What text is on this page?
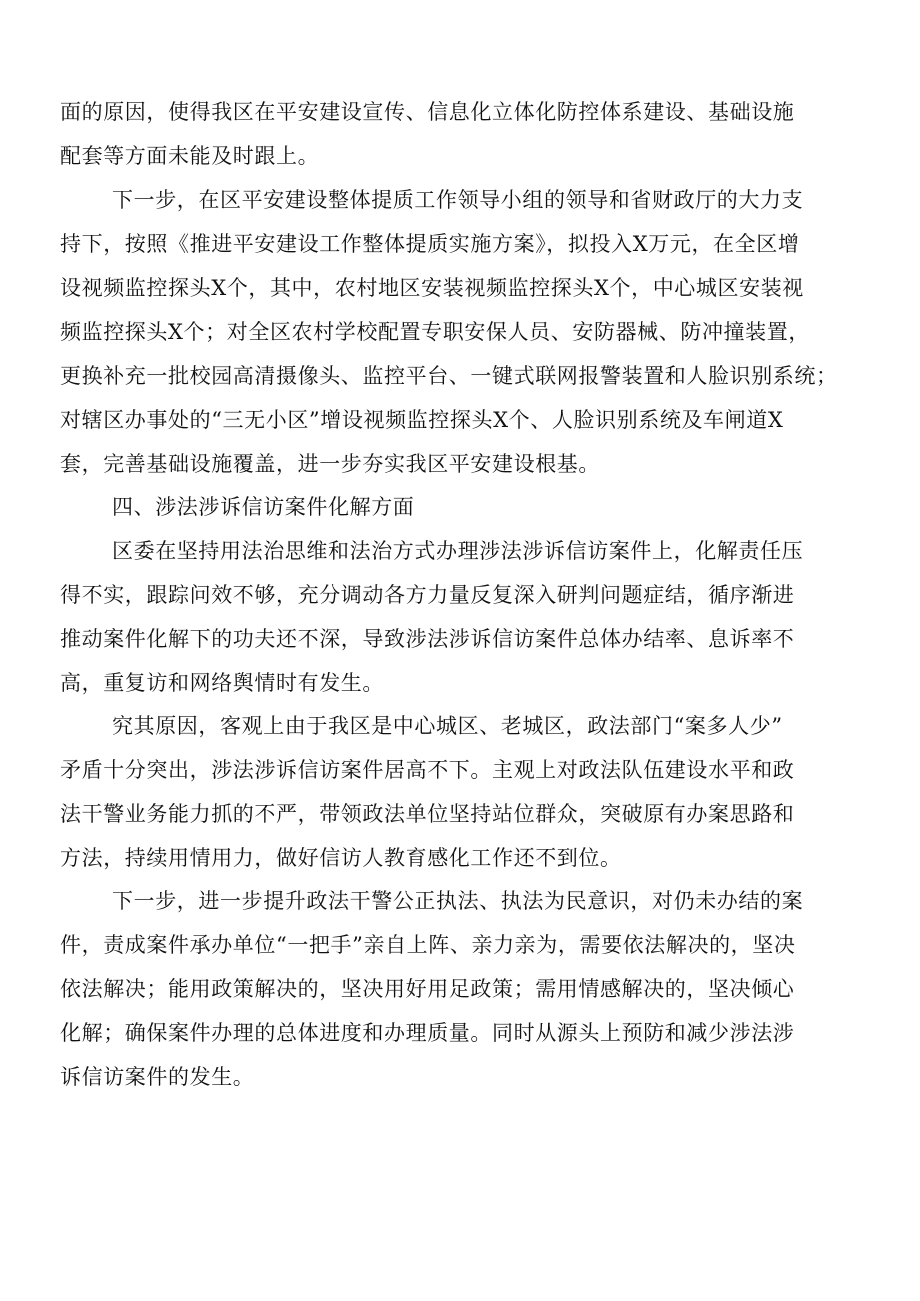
面的原因，使得我区在平安建设宣传、信息化立体化防控体系建设、基础设施
配套等方面未能及时跟上。
下一步，在区平安建设整体提质工作领导小组的领导和省财政厅的大力支
持下，按照《推进平安建设工作整体提质实施方案》，拟投入X万元，在全区增
设视频监控探头X个，其中，农村地区安装视频监控探头X个，中心城区安装视
频监控探头X个；对全区农村学校配置专职安保人员、安防器械、防冲撞装置，
更换补充一批校园高清摄像头、监控平台、一键式联网报警装置和人脸识别系统；
对辖区办事处的“三无小区”增设视频监控探头X个、人脸识别系统及车闸道X
套，完善基础设施覆盖，进一步夯实我区平安建设根基。
四、涉法涉诉信访案件化解方面
区委在坚持用法治思维和法治方式办理涉法涉诉信访案件上，化解责任压
得不实，跟踪问效不够，充分调动各方力量反复深入研判问题症结，循序渐进
推动案件化解下的功夫还不深，导致涉法涉诉信访案件总体办结率、息诉率不
高，重复访和网络舆情时有发生。
究其原因，客观上由于我区是中心城区、老城区，政法部门“案多人少”
矛盾十分突出，涉法涉诉信访案件居高不下。主观上对政法队伍建设水平和政
法干警业务能力抓的不严，带领政法单位坚持站位群众，突破原有办案思路和
方法，持续用情用力，做好信访人教育感化工作还不到位。
下一步，进一步提升政法干警公正执法、执法为民意识，对仍未办结的案
件，责成案件承办单位“一把手”亲自上阵、亲力亲为，需要依法解决的，坚决
依法解决；能用政策解决的，坚决用好用足政策；需用情感解决的，坚决倾心
化解；确保案件办理的总体进度和办理质量。同时从源头上预防和减少涉法涉
诉信访案件的发生。
